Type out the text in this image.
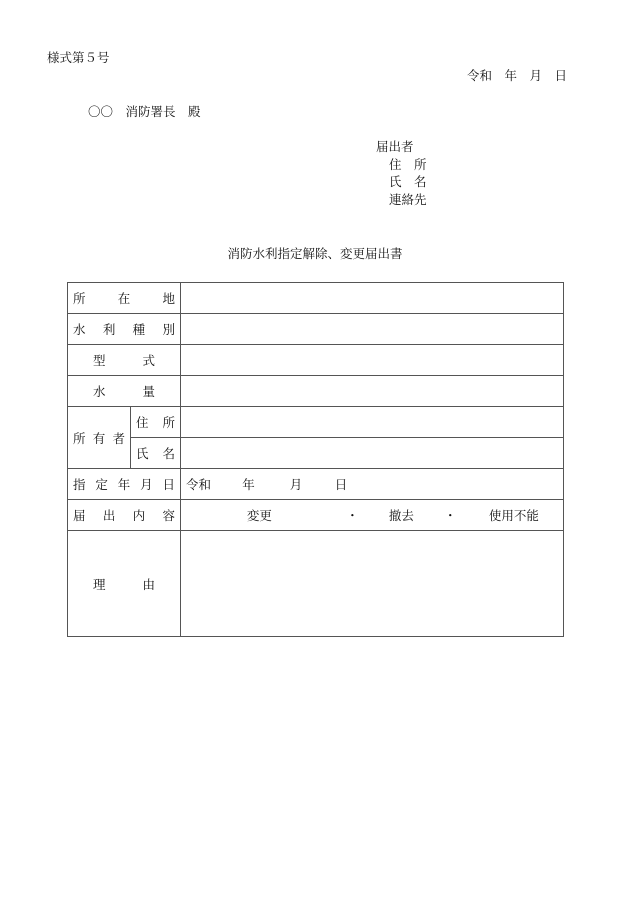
様式第５号
令和　年　月　日
〇〇　消防署長　殿
届出者
住　所
氏　名
連絡先
消防水利指定解除、変更届出書
所 在 地		

水 利 種 別		

型 式		

水 量		

所 有 者	住 所	

	氏 名	

指 定 年 月 日		令和 年 月 日

届 出 内 容		変更 ・ 撤去 ・ 使用不能

理 由		
